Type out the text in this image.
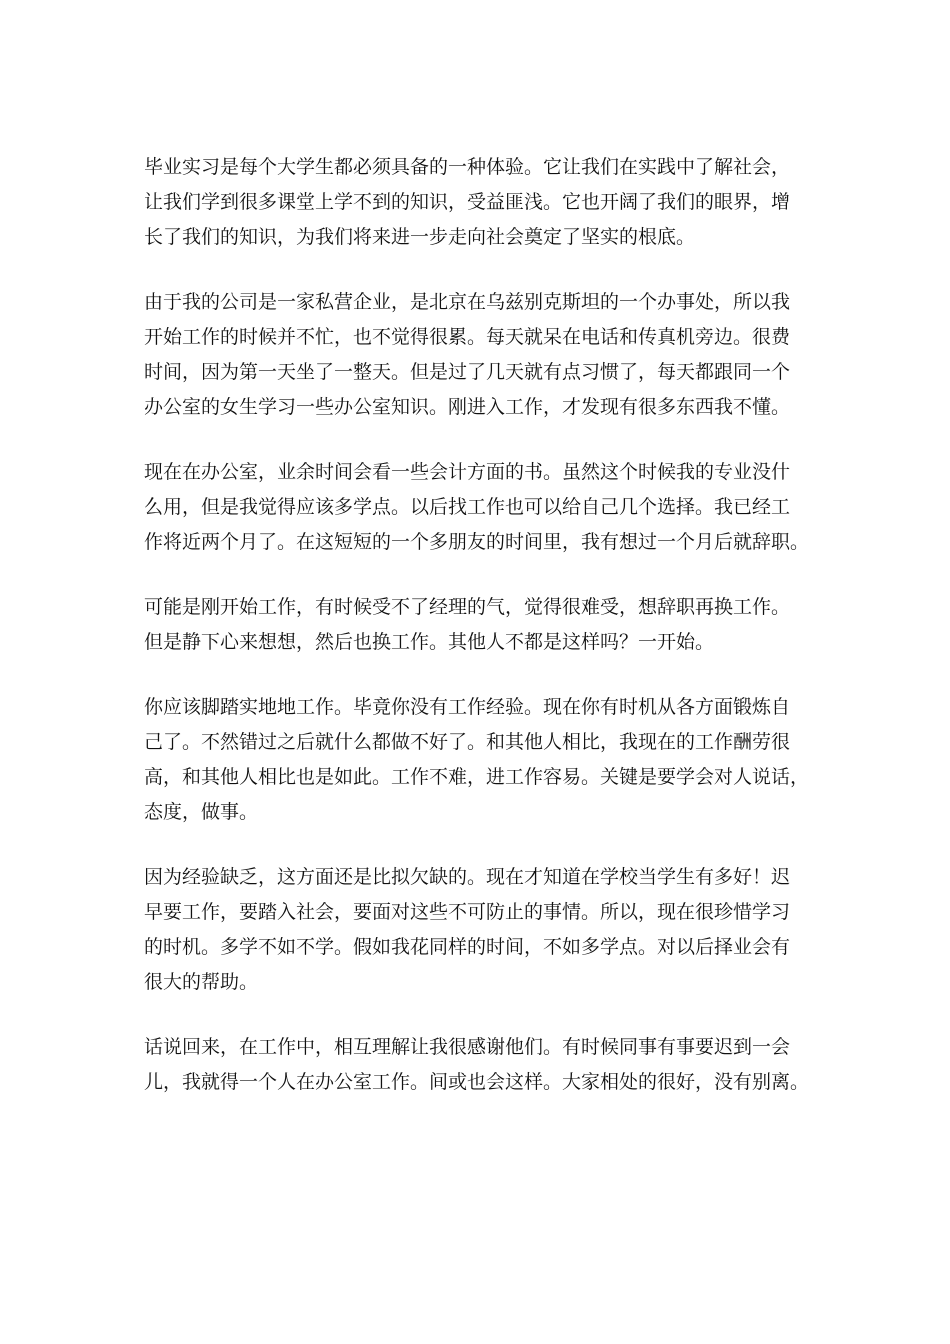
毕业实习是每个大学生都必须具备的一种体验。它让我们在实践中了解社会，
让我们学到很多课堂上学不到的知识，受益匪浅。它也开阔了我们的眼界，增
长了我们的知识，为我们将来进一步走向社会奠定了坚实的根底。

由于我的公司是一家私营企业，是北京在乌兹别克斯坦的一个办事处，所以我
开始工作的时候并不忙，也不觉得很累。每天就呆在电话和传真机旁边。很费
时间，因为第一天坐了一整天。但是过了几天就有点习惯了，每天都跟同一个
办公室的女生学习一些办公室知识。刚进入工作，才发现有很多东西我不懂。

现在在办公室，业余时间会看一些会计方面的书。虽然这个时候我的专业没什
么用，但是我觉得应该多学点。以后找工作也可以给自己几个选择。我已经工
作将近两个月了。在这短短的一个多朋友的时间里，我有想过一个月后就辞职。

可能是刚开始工作，有时候受不了经理的气，觉得很难受，想辞职再换工作。
但是静下心来想想，然后也换工作。其他人不都是这样吗？一开始。

你应该脚踏实地地工作。毕竟你没有工作经验。现在你有时机从各方面锻炼自
己了。不然错过之后就什么都做不好了。和其他人相比，我现在的工作酬劳很
高，和其他人相比也是如此。工作不难，进工作容易。关键是要学会对人说话，
态度，做事。

因为经验缺乏，这方面还是比拟欠缺的。现在才知道在学校当学生有多好！迟
早要工作，要踏入社会，要面对这些不可防止的事情。所以，现在很珍惜学习
的时机。多学不如不学。假如我花同样的时间，不如多学点。对以后择业会有
很大的帮助。

话说回来，在工作中，相互理解让我很感谢他们。有时候同事有事要迟到一会
儿，我就得一个人在办公室工作。间或也会这样。大家相处的很好，没有别离。
